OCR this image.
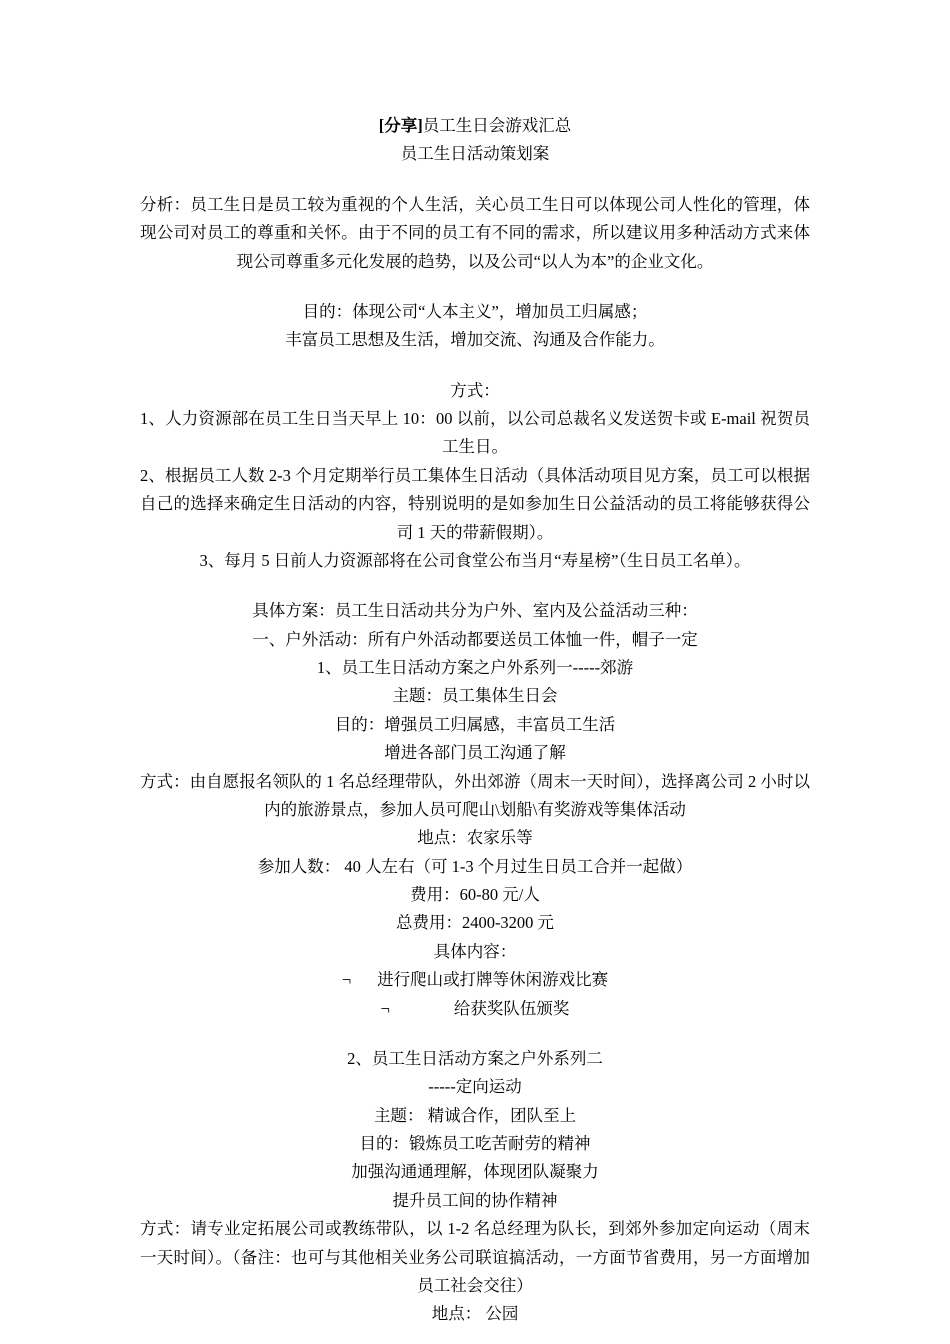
[分享]员工生日会游戏汇总

员工生日活动策划案

分析：员工生日是员工较为重视的个人生活，关心员工生日可以体现公司人性化的管理，体现公司对员工的尊重和关怀。由于不同的员工有不同的需求，所以建议用多种活动方式来体现公司尊重多元化发展的趋势，以及公司“以人为本”的企业文化。

目的：体现公司“人本主义”，增加员工归属感；

丰富员工思想及生活，增加交流、沟通及合作能力。

方式：

1、人力资源部在员工生日当天早上 10：00 以前，以公司总裁名义发送贺卡或 E-mail 祝贺员工生日。

2、根据员工人数 2-3 个月定期举行员工集体生日活动（具体活动项目见方案，员工可以根据自己的选择来确定生日活动的内容，特别说明的是如参加生日公益活动的员工将能够获得公司 1 天的带薪假期）。

3、每月 5 日前人力资源部将在公司食堂公布当月“寿星榜”（生日员工名单）。

具体方案：员工生日活动共分为户外、室内及公益活动三种：

一、户外活动：所有户外活动都要送员工体恤一件，帽子一定

1、员工生日活动方案之户外系列一-----郊游

主题：员工集体生日会

目的：增强员工归属感，丰富员工生活

增进各部门员工沟通了解

方式：由自愿报名领队的 1 名总经理带队，外出郊游（周末一天时间），选择离公司 2 小时以内的旅游景点，参加人员可爬山\划船\有奖游戏等集体活动

地点：农家乐等

参加人数： 40 人左右（可 1-3 个月过生日员工合并一起做）

费用：60-80 元/人

总费用：2400-3200 元

具体内容：

¬ 进行爬山或打牌等休闲游戏比赛

¬	给获奖队伍颁奖

2、员工生日活动方案之户外系列二

-----定向运动

主题： 精诚合作，团队至上

目的：锻炼员工吃苦耐劳的精神

加强沟通通理解，体现团队凝聚力

提升员工间的协作精神

方式：请专业定拓展公司或教练带队，以 1-2 名总经理为队长，到郊外参加定向运动（周末一天时间）。（备注：也可与其他相关业务公司联谊搞活动，一方面节省费用，另一方面增加员工社会交往）

地点： 公园
